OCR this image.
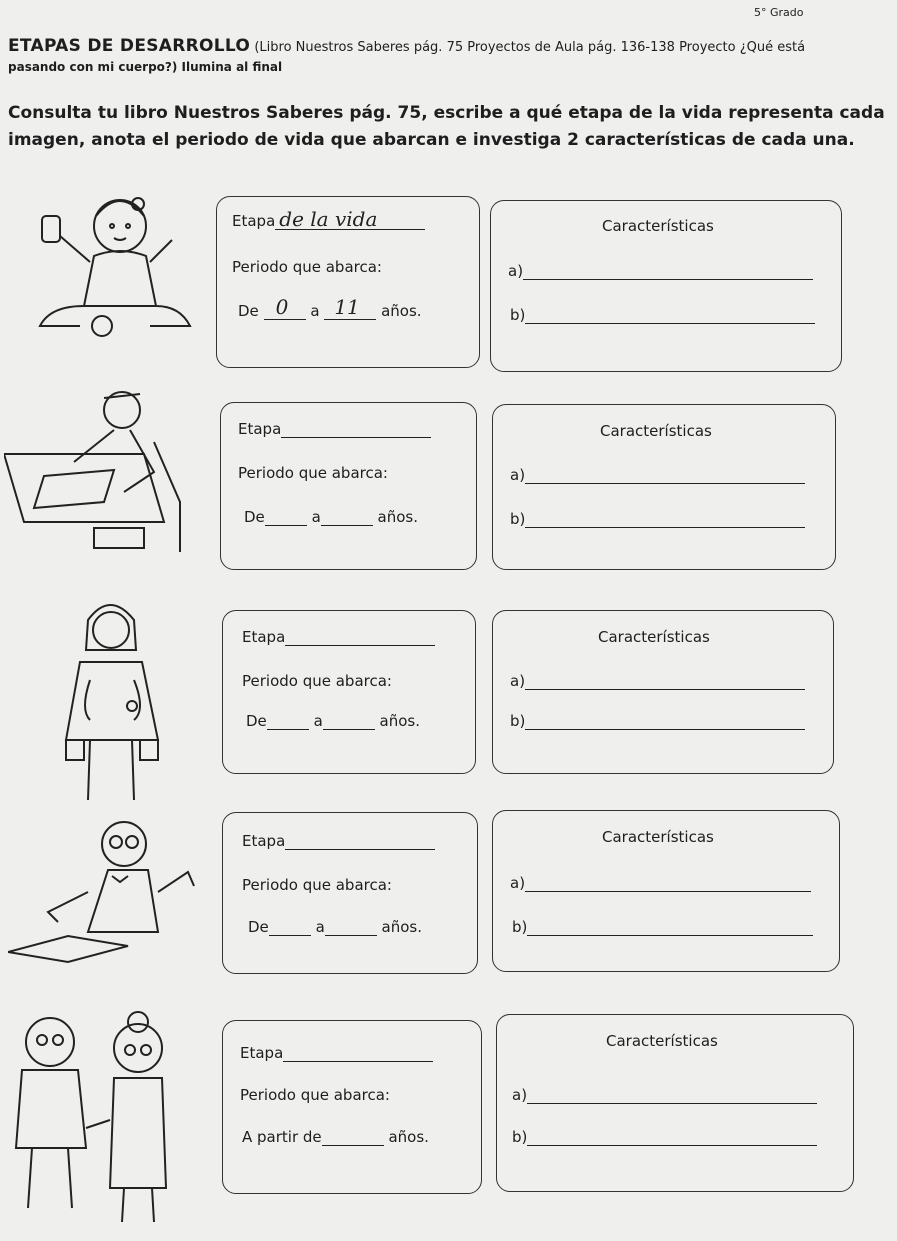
5° Grado
ETAPAS DE DESARROLLO (Libro Nuestros Saberes pág. 75 Proyectos de Aula pág. 136-138 Proyecto ¿Qué está
pasando con mi cuerpo?) Ilumina al final
Consulta tu libro Nuestros Saberes pág. 75, escribe a qué etapa de la vida representa cada imagen, anota el periodo de vida que abarcan e investiga 2 características de cada una.
Etapa de la vida
Periodo que abarca:
De 0 a 11 años.
Características
a)
b)
Etapa
Periodo que abarca:
De	a	años.
Características
a)
b)
Etapa
Periodo que abarca:
De	a	años.
Características
a)
b)
Etapa
Periodo que abarca:
De	a	años.
Características
a)
b)
Etapa
Periodo que abarca:
A partir de	años.
Características
a)
b)
